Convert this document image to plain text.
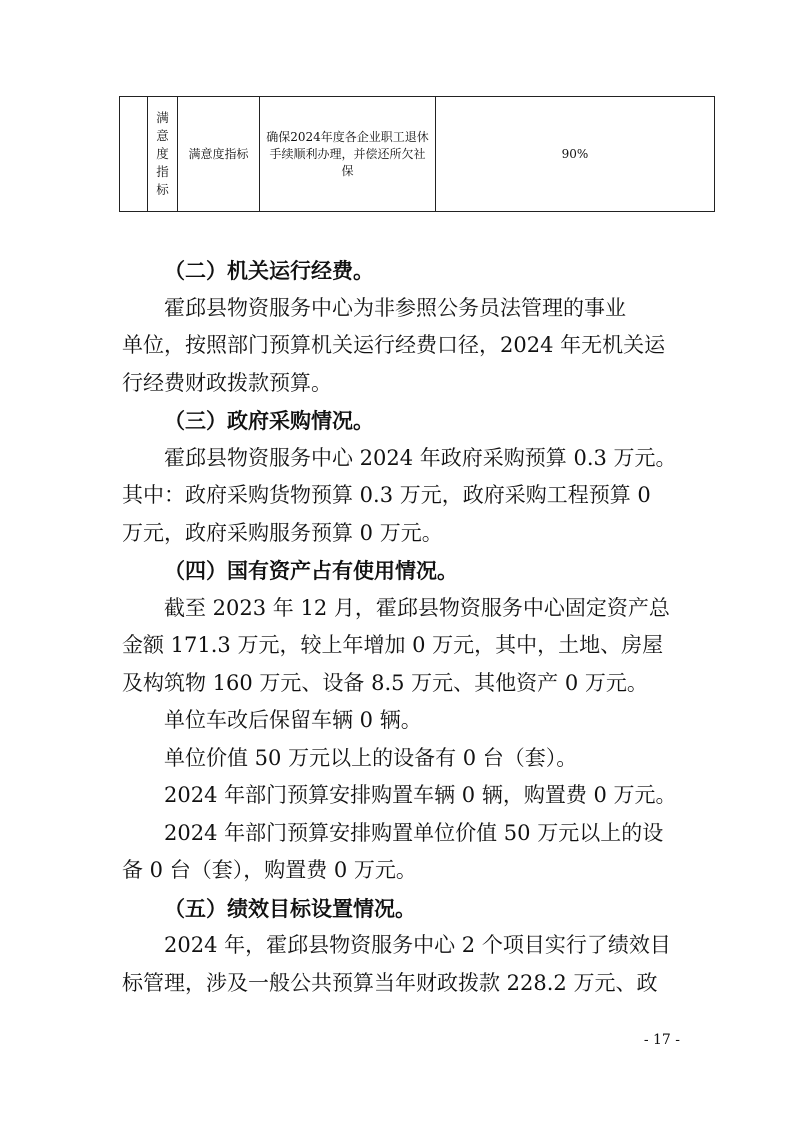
	满意度指标	满意度指标	确保2024年度各企业职工退休手续顺利办理，并偿还所欠社保	90%
（二）机关运行经费。
霍邱县物资服务中心为非参照公务员法管理的事业
单位，按照部门预算机关运行经费口径，2024 年无机关运
行经费财政拨款预算。
（三）政府采购情况。
霍邱县物资服务中心 2024 年政府采购预算 0.3 万元。
其中：政府采购货物预算 0.3 万元，政府采购工程预算 0
万元，政府采购服务预算 0 万元。
（四）国有资产占有使用情况。
截至 2023 年 12 月，霍邱县物资服务中心固定资产总
金额 171.3 万元，较上年增加 0 万元，其中，土地、房屋
及构筑物 160 万元、设备 8.5 万元、其他资产 0 万元。
单位车改后保留车辆 0 辆。
单位价值 50 万元以上的设备有 0 台（套）。
2024 年部门预算安排购置车辆 0 辆，购置费 0 万元。
2024 年部门预算安排购置单位价值 50 万元以上的设
备 0 台（套），购置费 0 万元。
（五）绩效目标设置情况。
2024 年，霍邱县物资服务中心 2 个项目实行了绩效目
标管理，涉及一般公共预算当年财政拨款 228.2 万元、政
- 17 -
